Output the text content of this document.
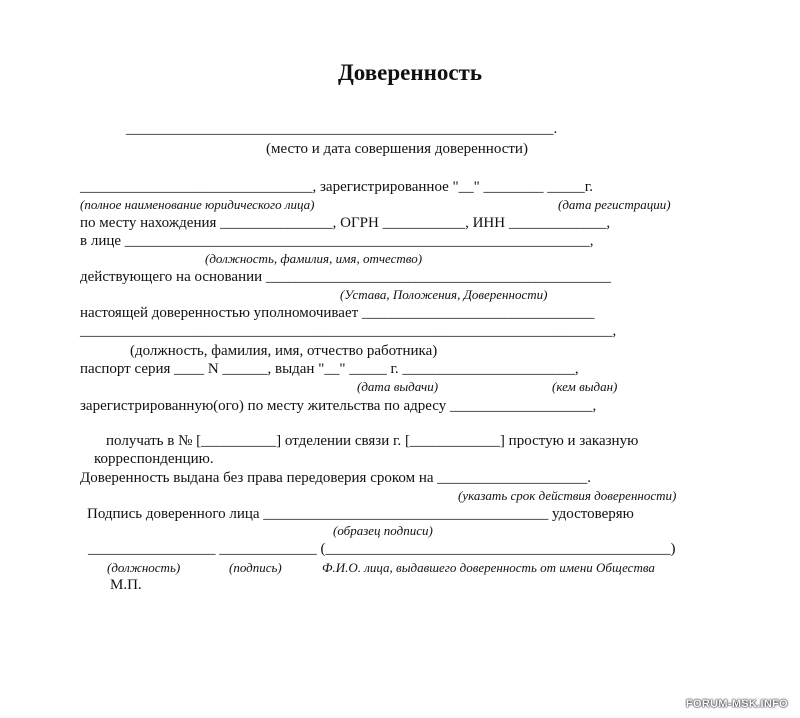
Доверенность
_________________________________________________________.
(место и дата совершения доверенности)
_______________________________, зарегистрированное "__" ________ _____г.
(полное наименование юридического лица)	(дата регистрации)
по месту нахождения _______________, ОГРН ___________, ИНН _____________,
в лице ______________________________________________________________,
(должность, фамилия, имя, отчество)
действующего на основании ______________________________________________
(Устава, Положения, Доверенности)
настоящей доверенностью уполномочивает _______________________________
_______________________________________________________________________,
(должность, фамилия, имя, отчество работника)
паспорт серия ____ N ______, выдан "__" _____ г. _______________________,
(дата выдачи)	(кем выдан)
зарегистрированную(ого) по месту жительства по адресу ___________________,
получать в № [__________] отделении связи г. [____________] простую и заказную
корреспонденцию.
Доверенность выдана без права передоверия сроком на ____________________.
(указать срок действия доверенности)
Подпись доверенного лица ______________________________________ удостоверяю
(образец подписи)
_________________ _____________ (______________________________________________)
(должность)	(подпись)	Ф.И.О. лица, выдавшего доверенность от имени Общества
М.П.
FORUM-MSK.INFO
